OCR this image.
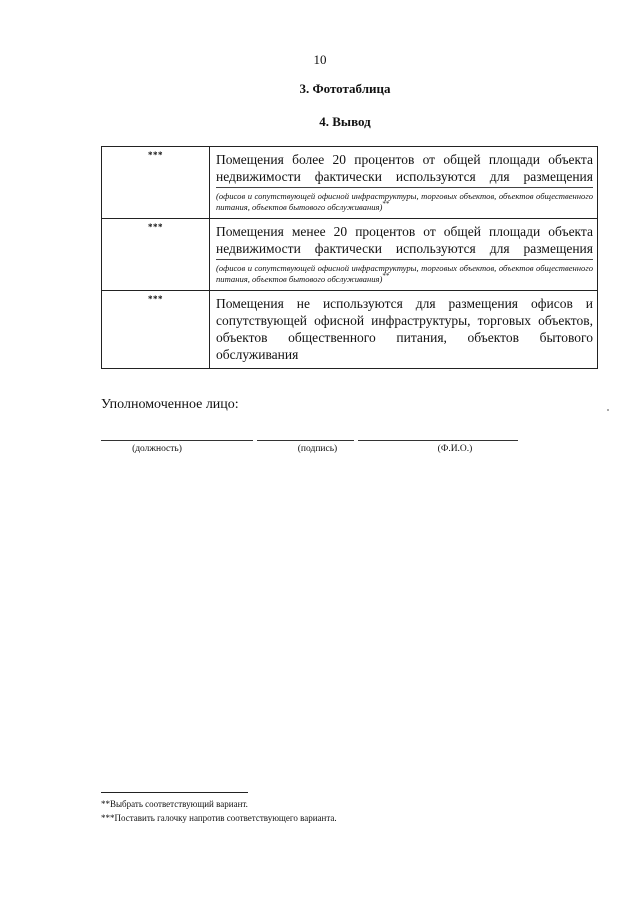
10
3. Фототаблица
4. Вывод
***	Помещения более 20 процентов от общей площади объекта недвижимости фактически используются для размещения
(офисов и сопутствующей офисной инфраструктуры, торговых объектов, объектов общественного питания, объектов бытового обслуживания)**

***	Помещения менее 20 процентов от общей площади объекта недвижимости фактически используются для размещения
(офисов и сопутствующей офисной инфраструктуры, торговых объектов, объектов общественного питания, объектов бытового обслуживания)**

***	Помещения не используются для размещения офисов и сопутствующей офисной инфраструктуры, торговых объектов, объектов общественного питания, объектов бытового обслуживания
Уполномоченное лицо:
(должность)	(подпись)	(Ф.И.О.)
**Выбрать соответствующий вариант.
***Поставить галочку напротив соответствующего варианта.
